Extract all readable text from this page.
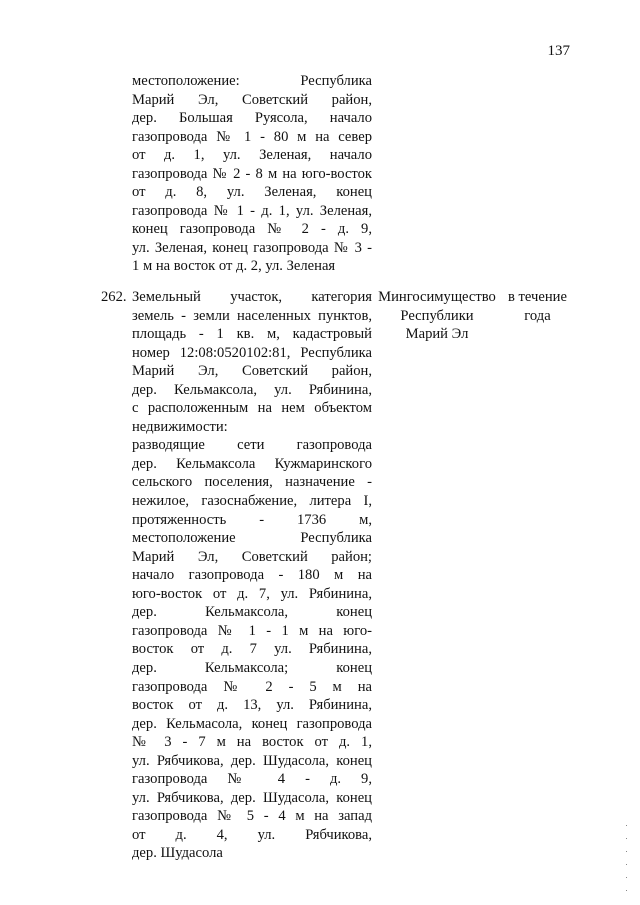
137
местоположение: Республика
Марий Эл, Советский район,
дер. Большая Руясола, начало
газопровода № 1 - 80 м на север
от д. 1, ул. Зеленая, начало
газопровода № 2 - 8 м на юго-восток
от д. 8, ул. Зеленая, конец
газопровода № 1 - д. 1, ул. Зеленая,
конец газопровода № 2 - д. 9,
ул. Зеленая, конец газопровода № 3 -
1 м на восток от д. 2, ул. Зеленая
262. Земельный участок, категория
земель - земли населенных пунктов,
площадь - 1 кв. м, кадастровый
номер 12:08:0520102:81, Республика
Марий Эл, Советский район,
дер. Кельмаксола, ул. Рябинина,
с расположенным на нем объектом
недвижимости:
разводящие сети газопровода
дер. Кельмаксола Кужмаринского
сельского поселения, назначение -
нежилое, газоснабжение, литера I,
протяженность - 1736 м,
местоположение Республика
Марий Эл, Советский район;
начало газопровода - 180 м на
юго-восток от д. 7, ул. Рябинина,
дер. Кельмаксола, конец
газопровода № 1 - 1 м на юго-
восток от д. 7 ул. Рябинина,
дер. Кельмаксола; конец
газопровода № 2 - 5 м на
восток от д. 13, ул. Рябинина,
дер. Кельмасола, конец газопровода
№ 3 - 7 м на восток от д. 1,
ул. Рябчикова, дер. Шудасола, конец
газопровода № 4 - д. 9,
ул. Рябчикова, дер. Шудасола, конец
газопровода № 5 - 4 м на запад
от д. 4, ул. Рябчикова,
дер. Шудасола
Мингосимущество
Республики
Марий Эл
в течение
года
